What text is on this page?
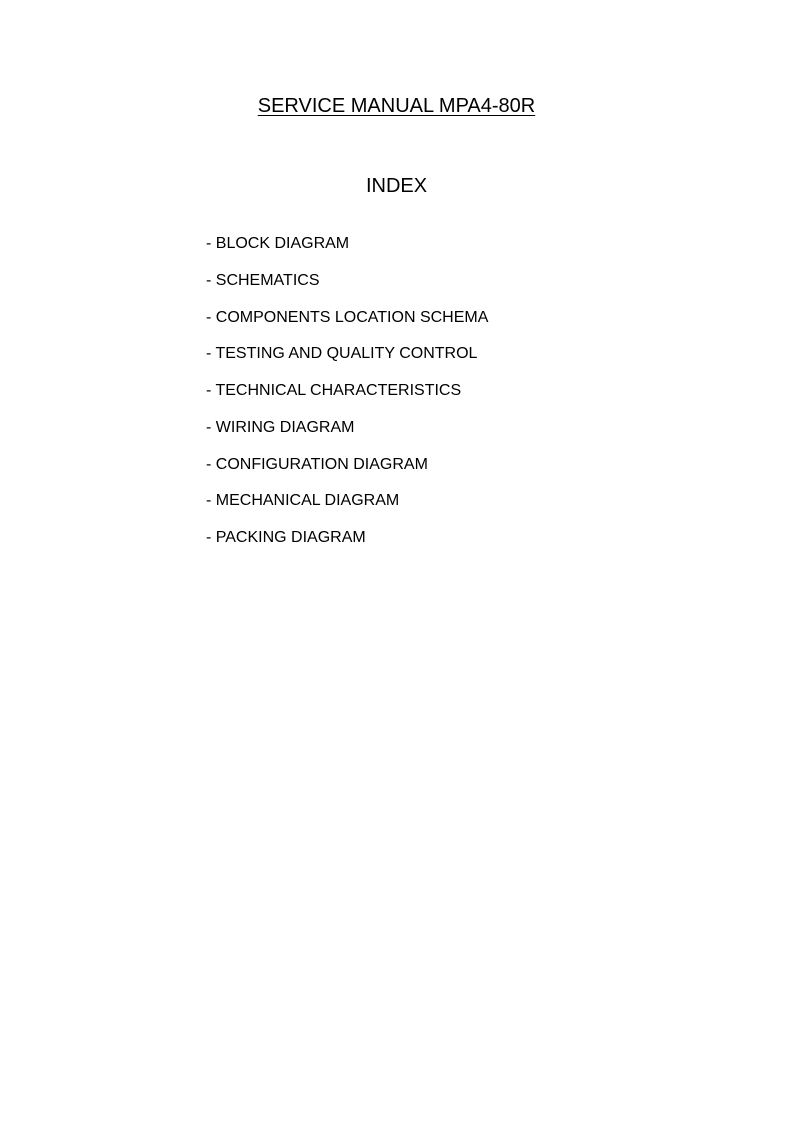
SERVICE MANUAL MPA4-80R
INDEX
- BLOCK DIAGRAM
- SCHEMATICS
- COMPONENTS LOCATION SCHEMA
- TESTING AND QUALITY CONTROL
- TECHNICAL CHARACTERISTICS
- WIRING DIAGRAM
- CONFIGURATION DIAGRAM
- MECHANICAL DIAGRAM
- PACKING DIAGRAM
